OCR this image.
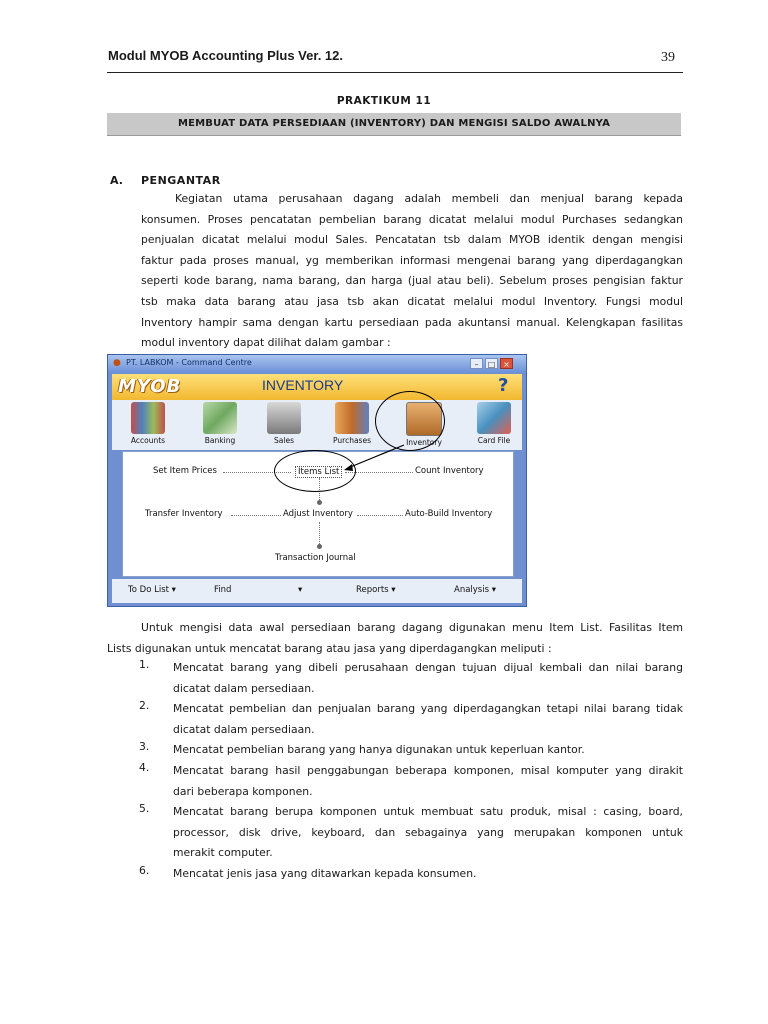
Modul MYOB Accounting Plus Ver. 12.	39
PRAKTIKUM 11
MEMBUAT DATA PERSEDIAAN (INVENTORY) DAN MENGISI SALDO AWALNYA
A. PENGANTAR
Kegiatan utama perusahaan dagang adalah membeli dan menjual barang kepada
konsumen. Proses pencatatan pembelian barang dicatat melalui modul Purchases sedangkan
penjualan dicatat melalui modul Sales. Pencatatan tsb dalam MYOB identik dengan mengisi
faktur pada proses manual, yg memberikan informasi mengenai barang yang diperdagangkan
seperti kode barang, nama barang, dan harga (jual atau beli). Sebelum proses pengisian faktur
tsb maka data barang atau jasa tsb akan dicatat melalui modul Inventory. Fungsi modul
Inventory hampir sama dengan kartu persediaan pada akuntansi manual. Kelengkapan fasilitas
modul inventory dapat dilihat dalam gambar :
● PT. LABKOM - Command Centre	–	□ ×
MYOB	INVENTORY	?
Accounts	Banking	Sales	Purchases	Inventory	Card File
Set Item Prices	Items List	Count Inventory
Transfer Inventory	Adjust Inventory	Auto-Build Inventory
Transaction Journal
To Do List ▾	Find	▾	Reports ▾	Analysis ▾
Untuk mengisi data awal persediaan barang dagang digunakan menu Item List. Fasilitas Item
Lists digunakan untuk mencatat barang atau jasa yang diperdagangkan meliputi :
1.	Mencatat barang yang dibeli perusahaan dengan tujuan dijual kembali dan nilai barang
dicatat dalam persediaan.
2.	Mencatat pembelian dan penjualan barang yang diperdagangkan tetapi nilai barang tidak
dicatat dalam persediaan.
3.	Mencatat pembelian barang yang hanya digunakan untuk keperluan kantor.
4.	Mencatat barang hasil penggabungan beberapa komponen, misal komputer yang dirakit
dari beberapa komponen.
5.	Mencatat barang berupa komponen untuk membuat satu produk, misal : casing, board,
processor, disk drive, keyboard, dan sebagainya yang merupakan komponen untuk
merakit computer.
6.	Mencatat jenis jasa yang ditawarkan kepada konsumen.
